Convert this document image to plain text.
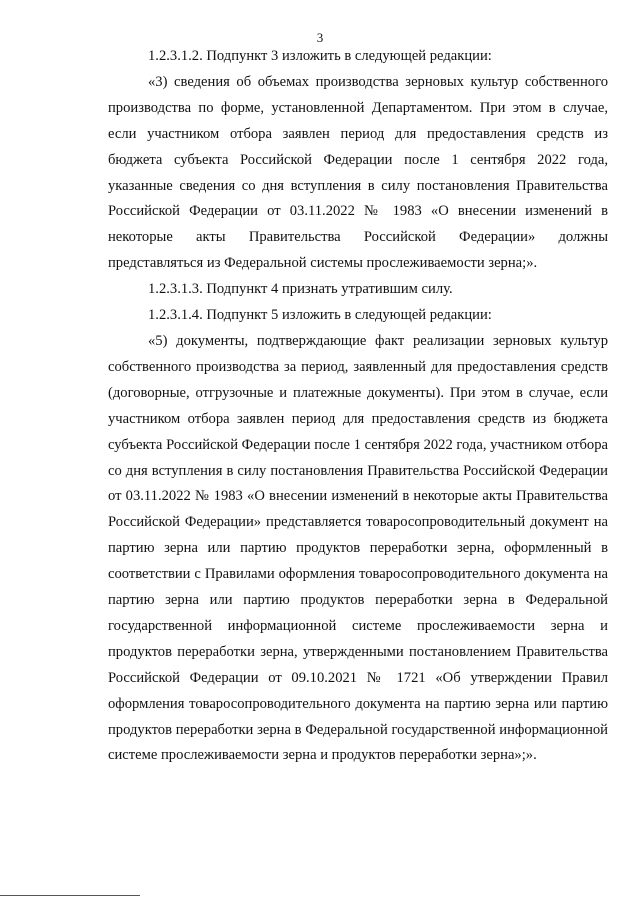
3

1.2.3.1.2. Подпункт 3 изложить в следующей редакции:

«3) сведения об объемах производства зерновых культур собственного производства по форме, установленной Департаментом. При этом в случае, если участником отбора заявлен период для предоставления средств из бюджета субъекта Российской Федерации после 1 сентября 2022 года, указанные сведения со дня вступления в силу постановления Правительства Российской Федерации от 03.11.2022 № 1983 «О внесении изменений в некоторые акты Правительства Российской Федерации» должны представляться из Федеральной системы прослеживаемости зерна;».

1.2.3.1.3. Подпункт 4 признать утратившим силу.

1.2.3.1.4. Подпункт 5 изложить в следующей редакции:

«5) документы, подтверждающие факт реализации зерновых культур собственного производства за период, заявленный для предоставления средств (договорные, отгрузочные и платежные документы). При этом в случае, если участником отбора заявлен период для предоставления средств из бюджета субъекта Российской Федерации после 1 сентября 2022 года, участником отбора со дня вступления в силу постановления Правительства Российской Федерации от 03.11.2022 № 1983 «О внесении изменений в некоторые акты Правительства Российской Федерации» представляется товаросопроводительный документ на партию зерна или партию продуктов переработки зерна, оформленный в соответствии с Правилами оформления товаросопроводительного документа на партию зерна или партию продуктов переработки зерна в Федеральной государственной информационной системе прослеживаемости зерна и продуктов переработки зерна, утвержденными постановлением Правительства Российской Федерации от 09.10.2021 № 1721 «Об утверждении Правил оформления товаросопроводительного документа на партию зерна или партию продуктов переработки зерна в Федеральной государственной информационной системе прослеживаемости зерна и продуктов переработки зерна»;».
